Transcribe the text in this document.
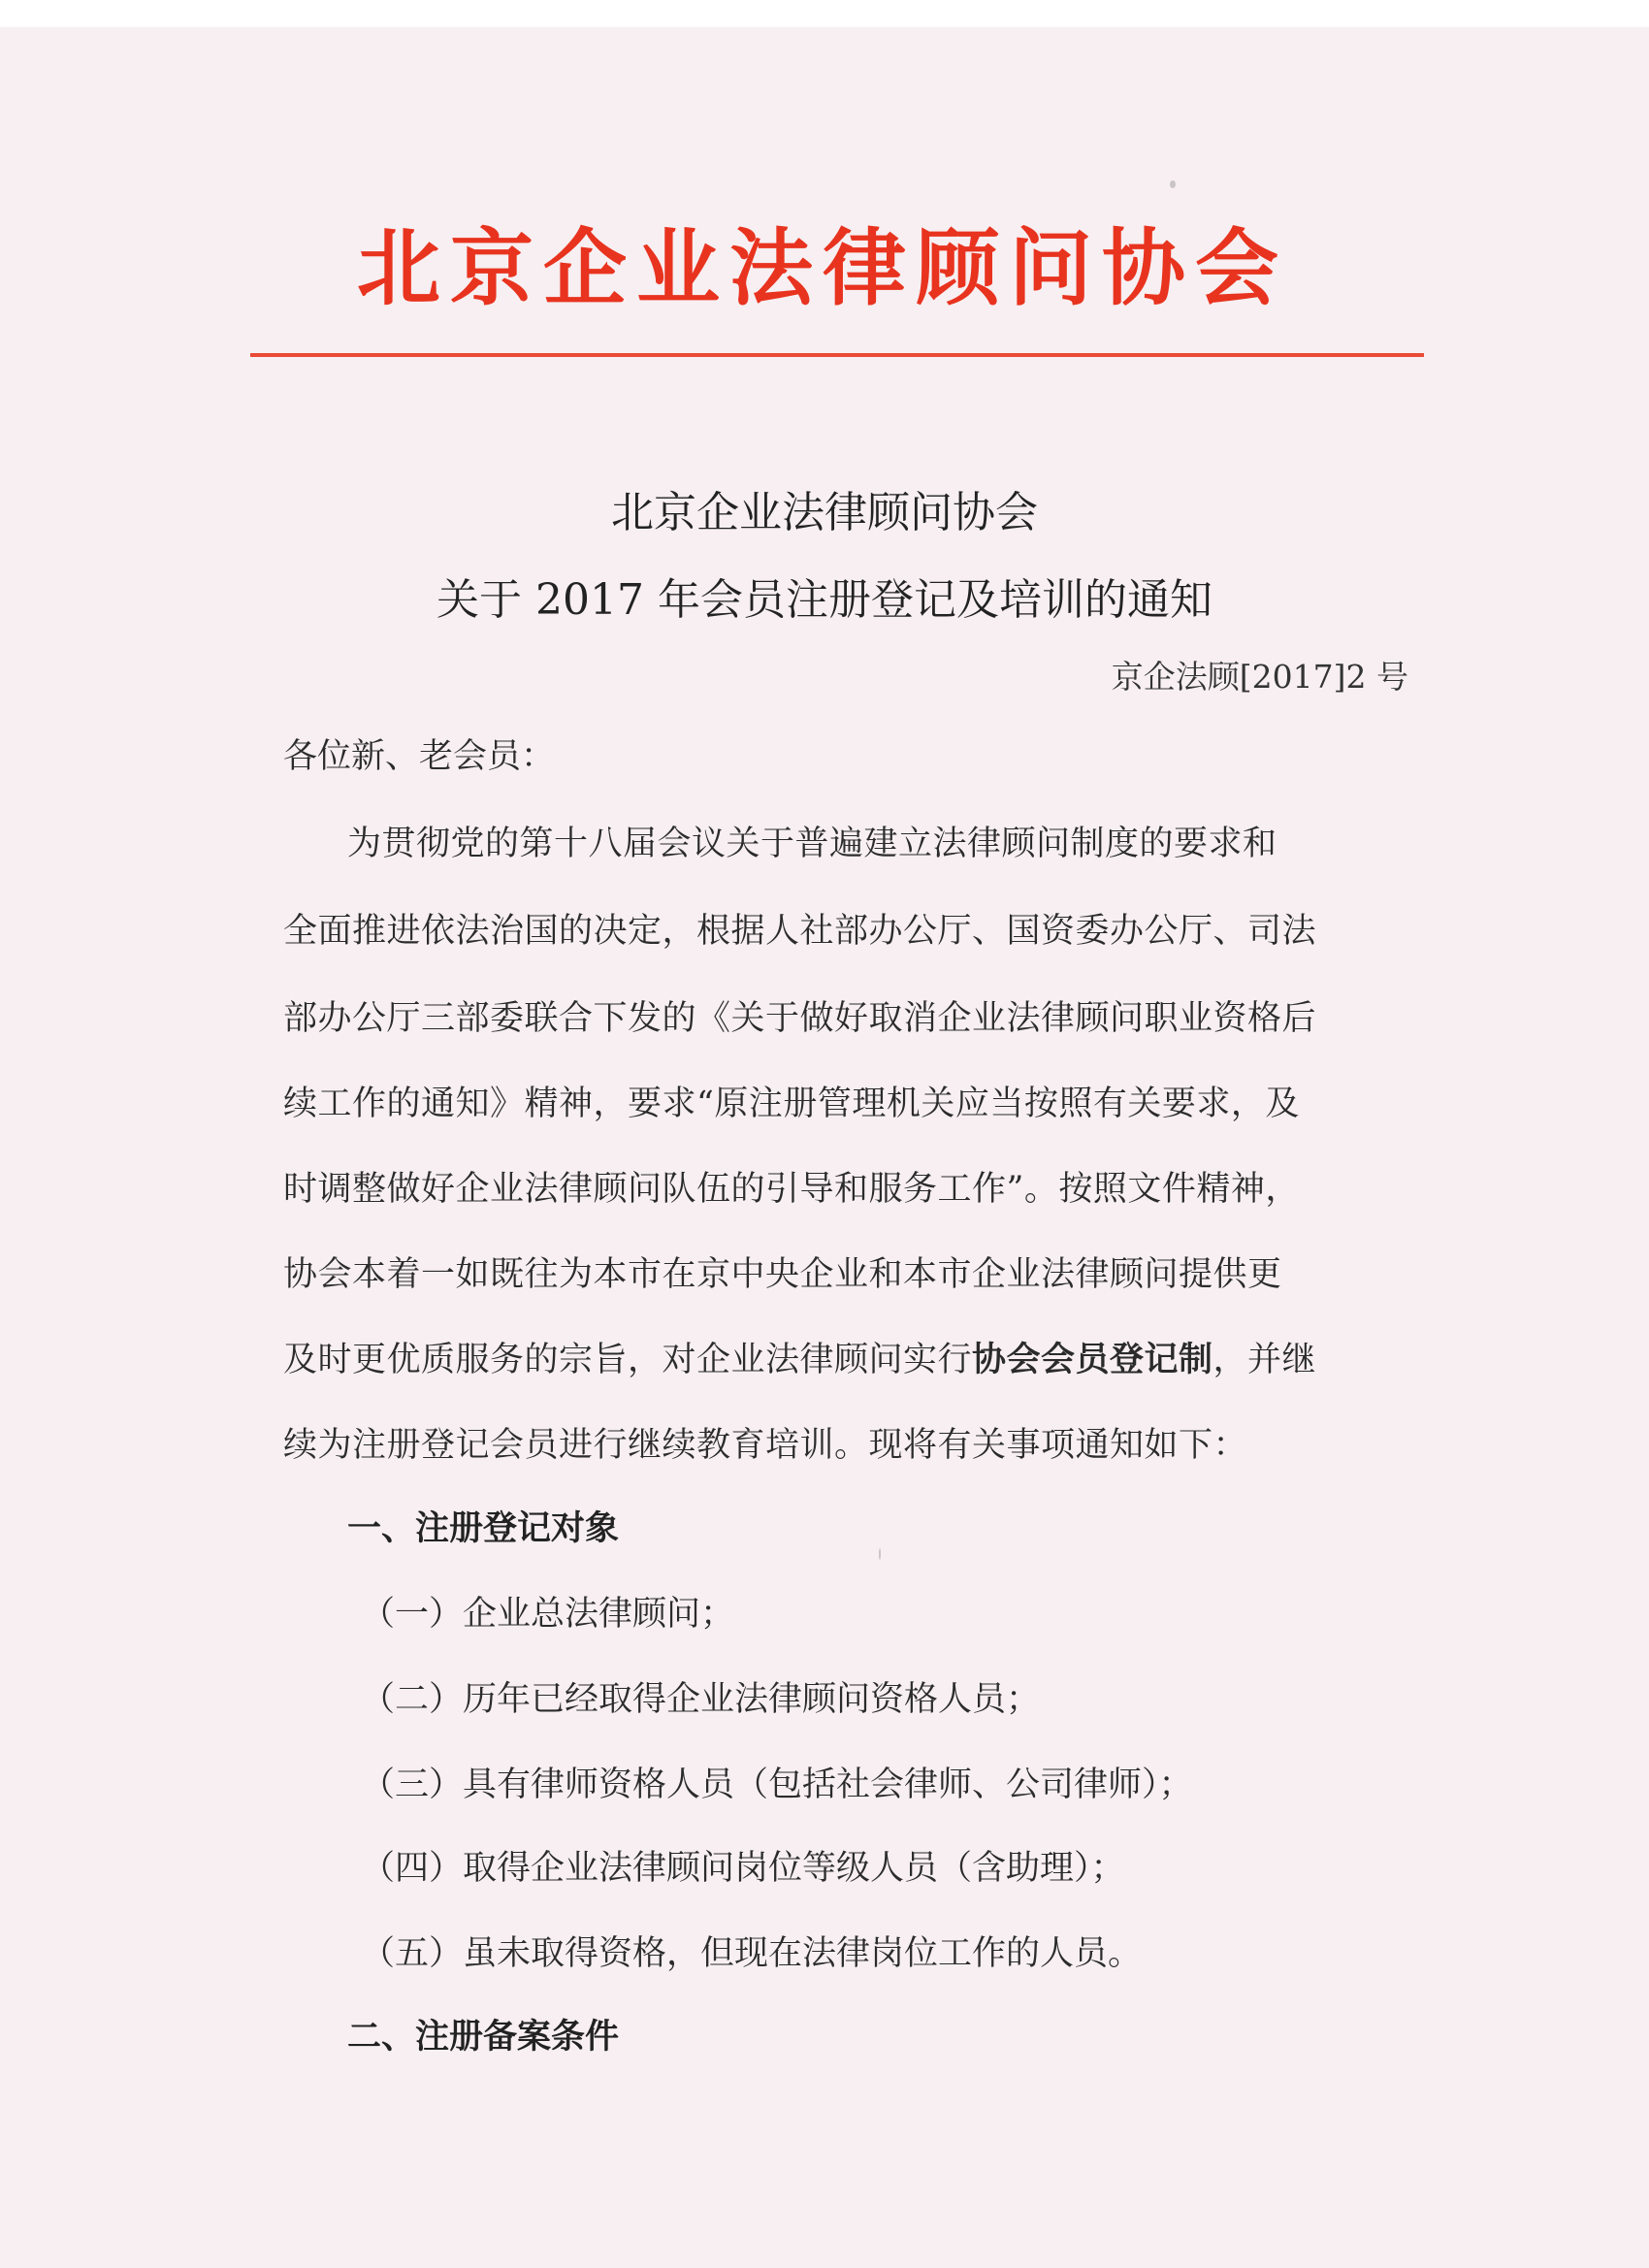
北京企业法律顾问协会
北京企业法律顾问协会
关于 2017 年会员注册登记及培训的通知
京企法顾[2017]2 号
各位新、老会员：
为贯彻党的第十八届会议关于普遍建立法律顾问制度的要求和
全面推进依法治国的决定，根据人社部办公厅、国资委办公厅、司法
部办公厅三部委联合下发的《关于做好取消企业法律顾问职业资格后
续工作的通知》精神，要求“原注册管理机关应当按照有关要求，及
时调整做好企业法律顾问队伍的引导和服务工作”。按照文件精神，
协会本着一如既往为本市在京中央企业和本市企业法律顾问提供更
及时更优质服务的宗旨，对企业法律顾问实行协会会员登记制，并继
续为注册登记会员进行继续教育培训。现将有关事项通知如下：
一、注册登记对象
（一）企业总法律顾问；
（二）历年已经取得企业法律顾问资格人员；
（三）具有律师资格人员（包括社会律师、公司律师）；
（四）取得企业法律顾问岗位等级人员（含助理）；
（五）虽未取得资格，但现在法律岗位工作的人员。
二、注册备案条件
